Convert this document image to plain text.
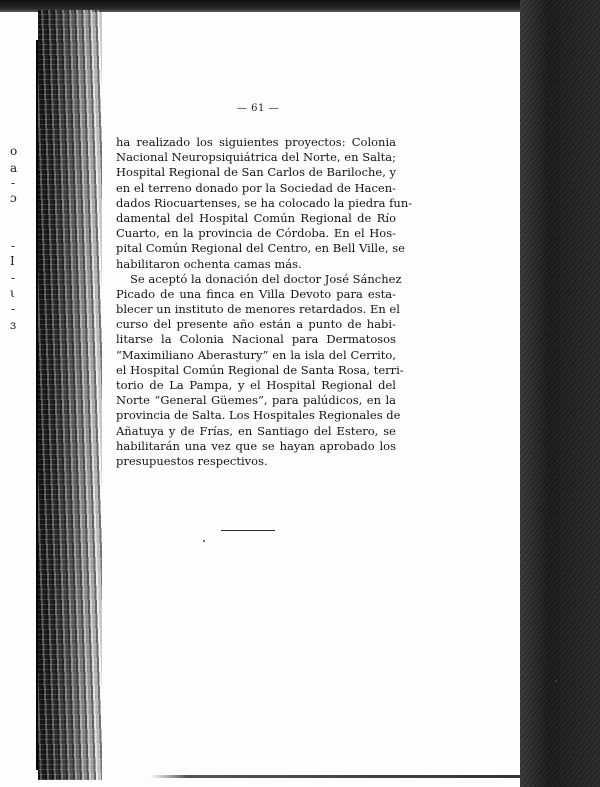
o
a
-
ɔ
-
I
-
ι
-
ɜ
— 61 —
ha realizado los siguientes proyectos: Colonia
Nacional Neuropsiquiátrica del Norte, en Salta;
Hospital Regional de San Carlos de Bariloche, y
en el terreno donado por la Sociedad de Hacen-
dados Riocuartenses, se ha colocado la piedra fun-
damental del Hospital Común Regional de Río
Cuarto, en la provincia de Córdoba. En el Hos-
pital Común Regional del Centro, en Bell Ville, se
habilitaron ochenta camas más.
Se aceptó la donación del doctor José Sánchez
Picado de una finca en Villa Devoto para esta-
blecer un instituto de menores retardados. En el
curso del presente año están a punto de habi-
litarse la Colonia Nacional para Dermatosos
“Maximiliano Aberastury” en la isla del Cerrito,
el Hospital Común Regional de Santa Rosa, terri-
torio de La Pampa, y el Hospital Regional del
Norte “General Güemes”, para palúdicos, en la
provincia de Salta. Los Hospitales Regionales de
Añatuya y de Frías, en Santiago del Estero, se
habilitarán una vez que se hayan aprobado los
presupuestos respectivos.
